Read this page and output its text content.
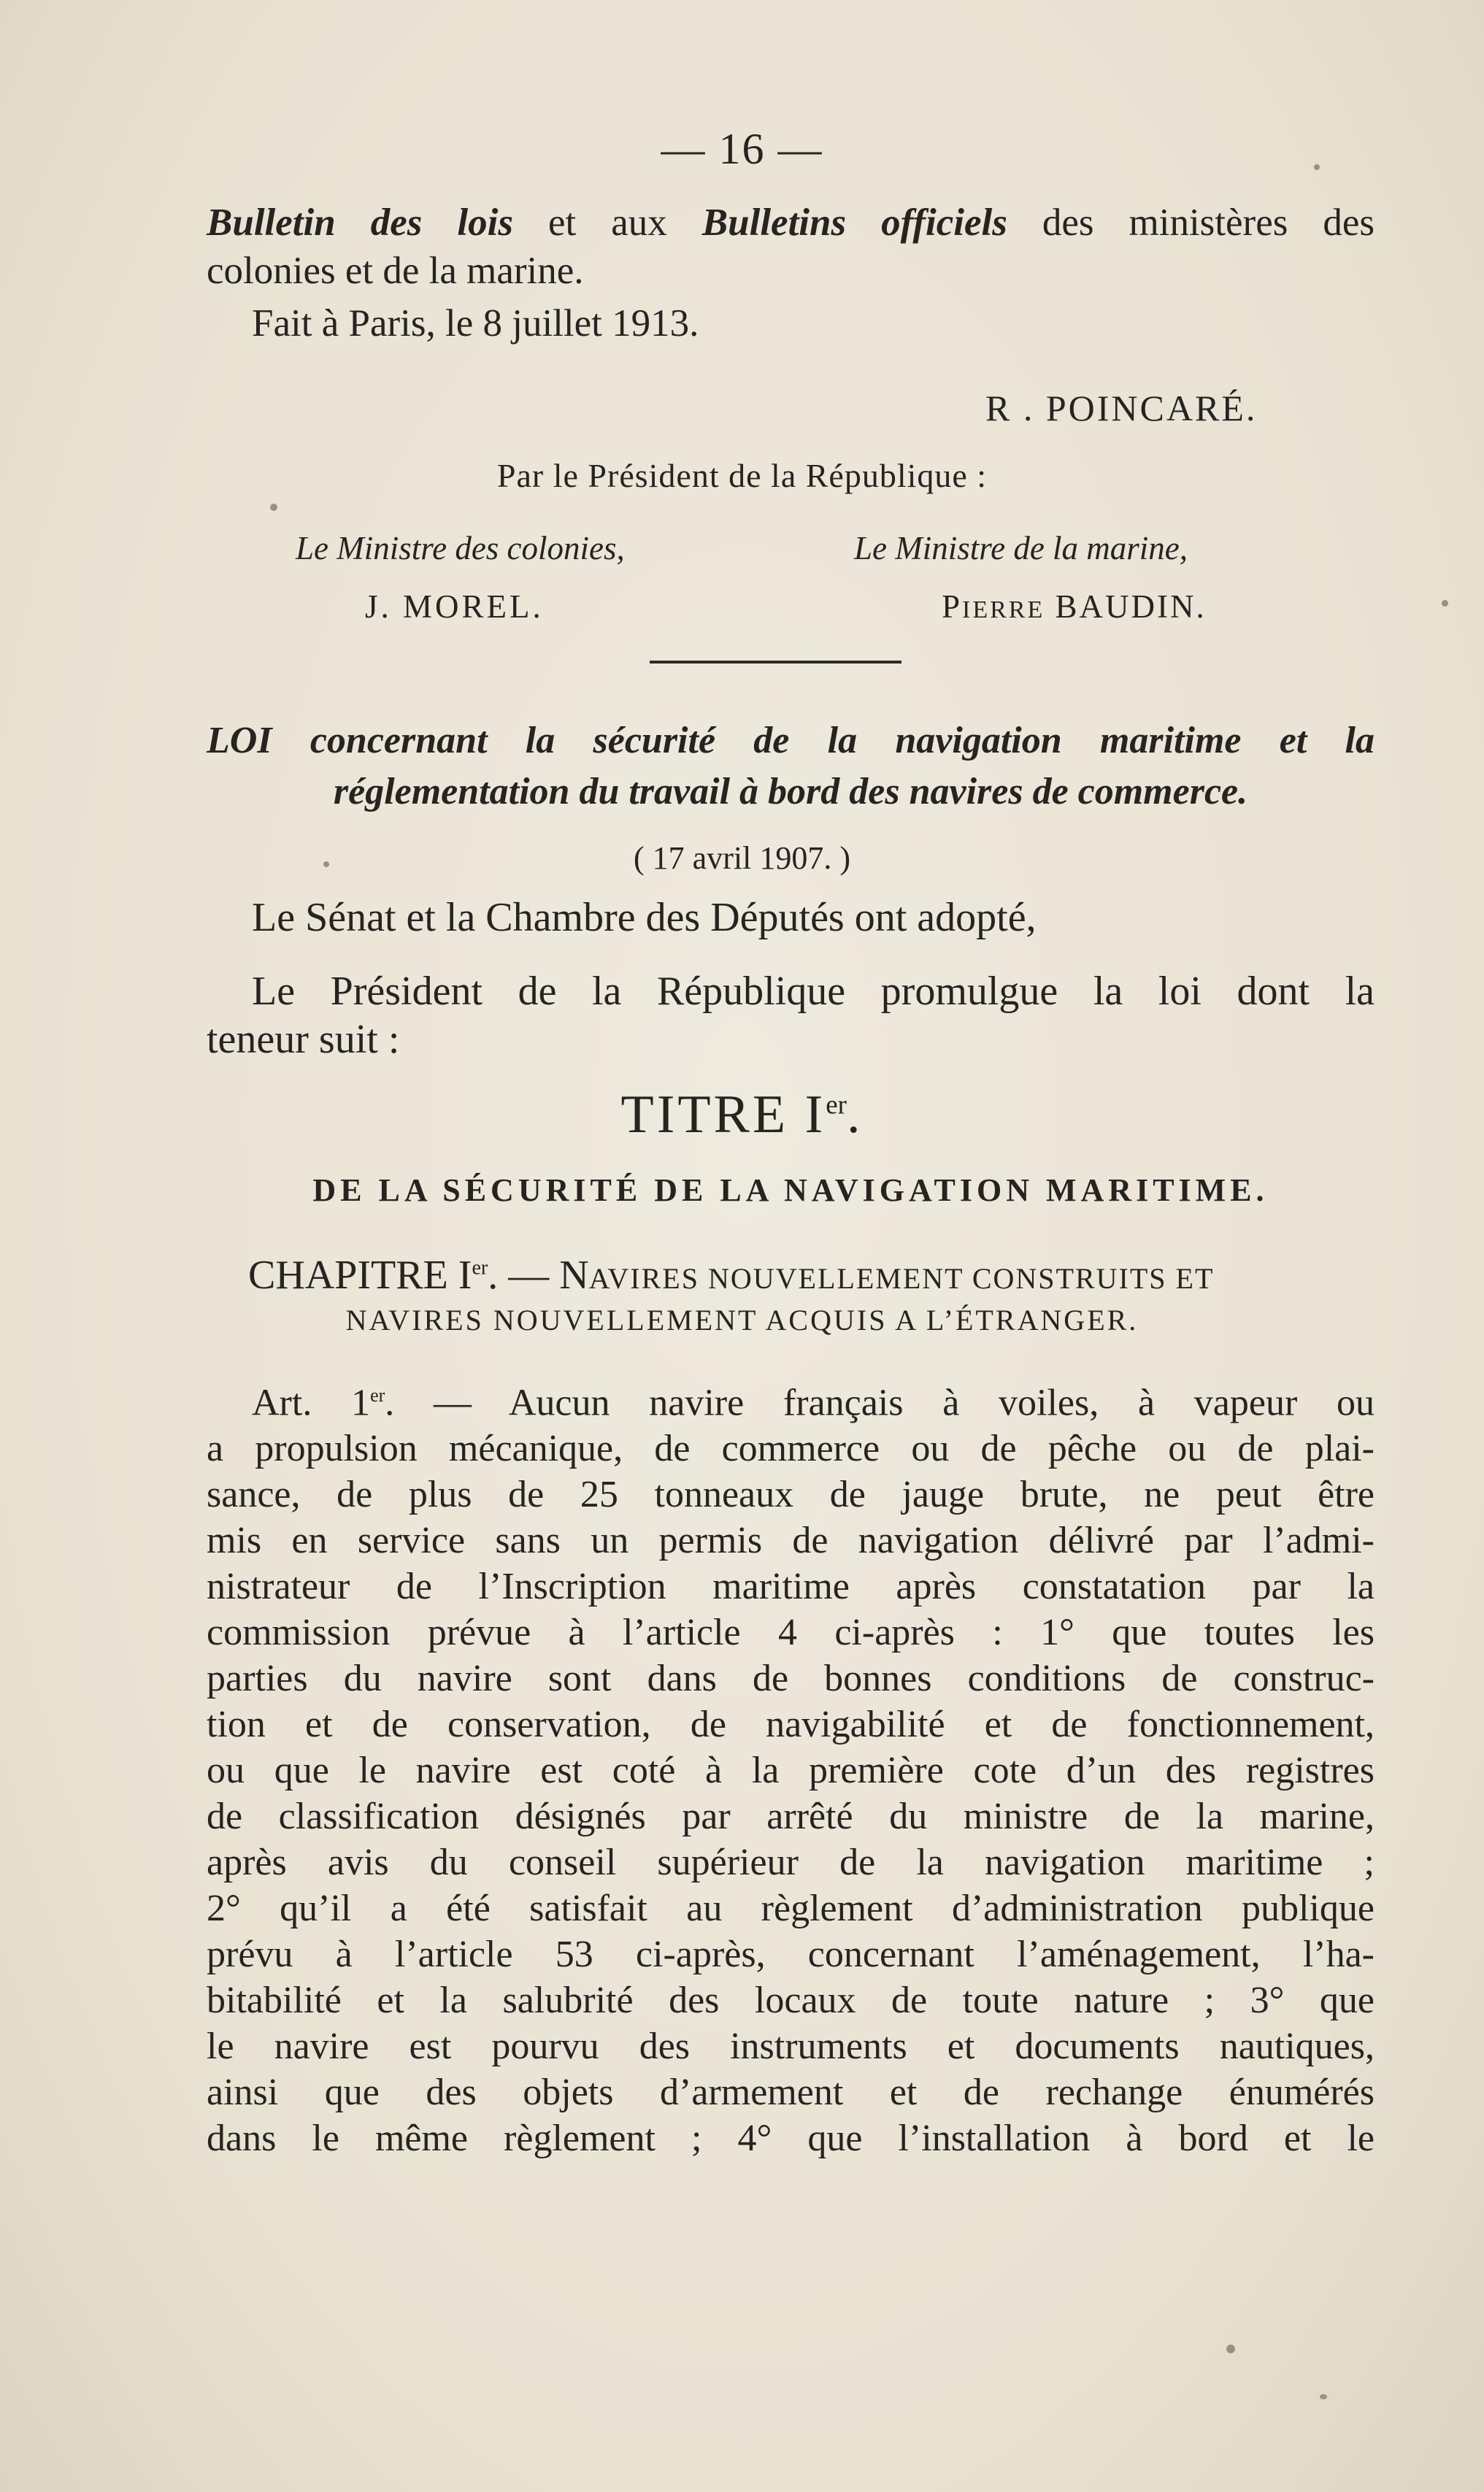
— 16 —
Bulletin des lois et aux Bulletins officiels des ministères des
colonies et de la marine.
Fait à Paris, le 8 juillet 1913.
R . POINCARÉ.
Par le Président de la République :
Le Ministre des colonies,	Le Ministre de la marine,
J. MOREL.	PIERRE BAUDIN.
LOI concernant la sécurité de la navigation maritime et la
réglementation du travail à bord des navires de commerce.
( 17 avril 1907. )
Le Sénat et la Chambre des Députés ont adopté,
Le Président de la République promulgue la loi dont la
teneur suit :
TITRE Ier.
DE LA SÉCURITÉ DE LA NAVIGATION MARITIME.
CHAPITRE Ier. — NAVIRES NOUVELLEMENT CONSTRUITS ET
NAVIRES NOUVELLEMENT ACQUIS A L’ÉTRANGER.
Art. 1er. — Aucun navire français à voiles, à vapeur ou
a propulsion mécanique, de commerce ou de pêche ou de plai-
sance, de plus de 25 tonneaux de jauge brute, ne peut être
mis en service sans un permis de navigation délivré par l’admi-
nistrateur de l’Inscription maritime après constatation par la
commission prévue à l’article 4 ci-après : 1° que toutes les
parties du navire sont dans de bonnes conditions de construc-
tion et de conservation, de navigabilité et de fonctionnement,
ou que le navire est coté à la première cote d’un des registres
de classification désignés par arrêté du ministre de la marine,
après avis du conseil supérieur de la navigation maritime ;
2° qu’il a été satisfait au règlement d’administration publique
prévu à l’article 53 ci-après, concernant l’aménagement, l’ha-
bitabilité et la salubrité des locaux de toute nature ; 3° que
le navire est pourvu des instruments et documents nautiques,
ainsi que des objets d’armement et de rechange énumérés
dans le même règlement ; 4° que l’installation à bord et le
